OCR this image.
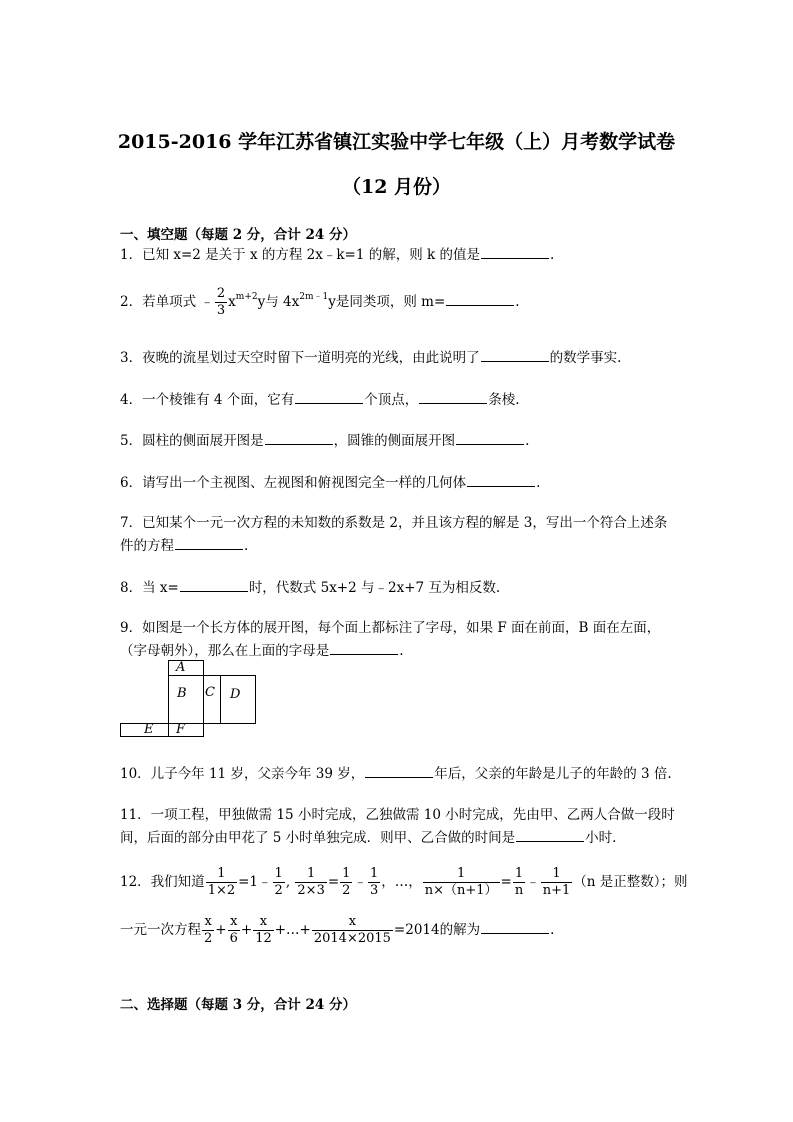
2015-2016 学年江苏省镇江实验中学七年级（上）月考数学试卷
（12 月份）
一、填空题（每题 2 分，合计 24 分）
1．已知 x=2 是关于 x 的方程 2x﹣k=1 的解，则 k 的值是	.
2．若单项式 ﹣ $\frac{2}{3} x^{m+2}y$与 $4x^{2m﹣1}y$是同类项，则 m=	.
3．夜晚的流星划过天空时留下一道明亮的光线，由此说明了	的数学事实.
4．一个棱锥有 4 个面，它有	个顶点，	条棱.
5．圆柱的侧面展开图是	，圆锥的侧面展开图	.
6．请写出一个主视图、左视图和俯视图完全一样的几何体	.
7．已知某个一元一次方程的未知数的系数是 2，并且该方程的解是 3，写出一个符合上述条
件的方程	.
8．当 x=	时，代数式 5x+2 与﹣2x+7 互为相反数.
9．如图是一个长方体的展开图，每个面上都标注了字母，如果 F 面在前面，B 面在左面，
（字母朝外），那么在上面的字母是	.
A
B C D
E F
10．儿子今年 11 岁，父亲今年 39 岁，	年后，父亲的年龄是儿子的年龄的 3 倍.
11．一项工程，甲独做需 15 小时完成，乙独做需 10 小时完成，先由甲、乙两人合做一段时
间，后面的部分由甲花了 5 小时单独完成．则甲、乙合做的时间是	小时.
12．我们知道 $\frac{1}{1\times 2}$ =1﹣ $\frac{1}{2}$ , $\frac{1}{2\times 3} = \frac{1}{2}$ ﹣ $\frac{1}{3}$ ，…， $\frac{1}{n\times(n+1)} = \frac{1}{n}$ ﹣ $\frac{1}{n+1} (n$ 是正整数）；则
一元一次方程 $\frac{x}{2} + \frac{x}{6} + \frac{x}{12}$ +…+ $\frac{x}{2014\times 2015} =2014$的解为	.
二、选择题（每题 3 分，合计 24 分）
